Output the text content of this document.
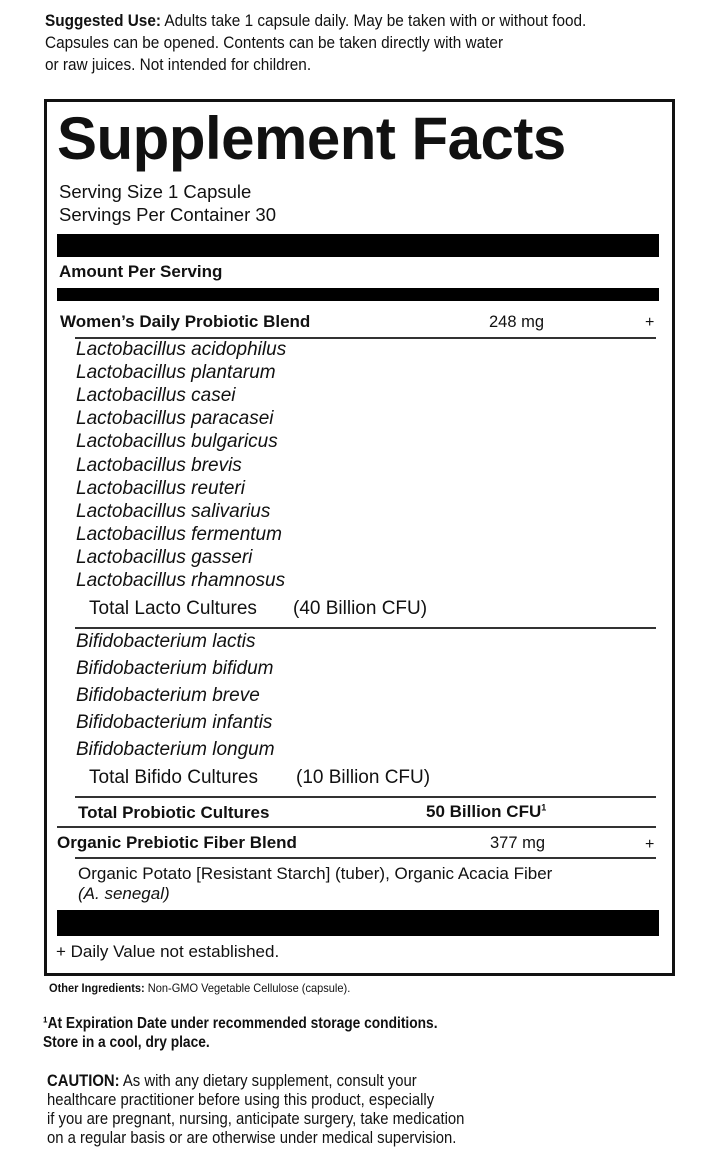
Suggested Use: Adults take 1 capsule daily. May be taken with or without food.
Capsules can be opened. Contents can be taken directly with water
or raw juices. Not intended for children.
Supplement Facts
Serving Size 1 Capsule
Servings Per Container 30
Amount Per Serving
Women’s Daily Probiotic Blend	248 mg	+
Lactobacillus acidophilus
Lactobacillus plantarum
Lactobacillus casei
Lactobacillus paracasei
Lactobacillus bulgaricus
Lactobacillus brevis
Lactobacillus reuteri
Lactobacillus salivarius
Lactobacillus fermentum
Lactobacillus gasseri
Lactobacillus rhamnosus
Total Lacto Cultures (40 Billion CFU)
Bifidobacterium lactis
Bifidobacterium bifidum
Bifidobacterium breve
Bifidobacterium infantis
Bifidobacterium longum
Total Bifido Cultures (10 Billion CFU)
Total Probiotic Cultures	50 Billion CFU$^1$
Organic Prebiotic Fiber Blend	377 mg	+
Organic Potato [Resistant Starch] (tuber), Organic Acacia Fiber
(A. senegal)
+ Daily Value not established.
Other Ingredients: Non-GMO Vegetable Cellulose (capsule).
¹At Expiration Date under recommended storage conditions.
Store in a cool, dry place.
CAUTION: As with any dietary supplement, consult your
healthcare practitioner before using this product, especially
if you are pregnant, nursing, anticipate surgery, take medication
on a regular basis or are otherwise under medical supervision.
